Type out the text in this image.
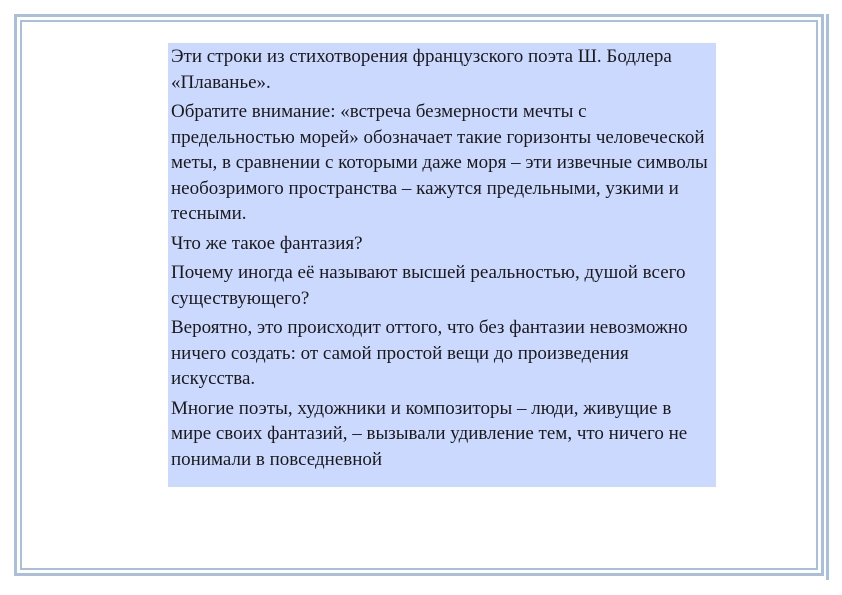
Эти строки из стихотворения французского поэта Ш. Бодлера «Плаванье».

Обратите внимание: «встреча безмерности мечты с предельностью морей» обозначает такие горизонты человеческой меты, в сравнении с которыми даже моря – эти извечные символы необозримого пространства – кажутся предельными, узкими и тесными.

Что же такое фантазия?

Почему иногда её называют высшей реальностью, душой всего существующего?

Вероятно, это происходит оттого, что без фантазии невозможно ничего создать: от самой простой вещи до произведения искусства.

Многие поэты, художники и композиторы – люди, живущие в мире своих фантазий, – вызывали удивление тем, что ничего не понимали в повседневной
